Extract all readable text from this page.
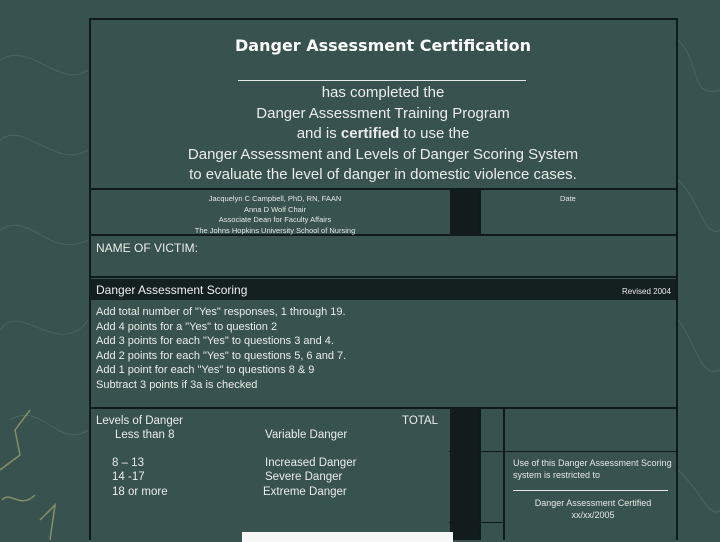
Danger Assessment Certification
has completed the
Danger Assessment Training Program
and is certified to use the
Danger Assessment and Levels of Danger Scoring System
to evaluate the level of danger in domestic violence cases.
Jacquelyn C Campbell, PhD, RN, FAAN
Anna D Wolf Chair
Associate Dean for Faculty Affairs
The Johns Hopkins University School of Nursing
Date
NAME OF VICTIM:
Danger Assessment Scoring	Revised 2004
Add total number of "Yes" responses, 1 through 19.
Add 4 points for a "Yes" to question 2
Add 3 points for each "Yes" to questions 3 and 4.
Add 2 points for each "Yes" to questions 5, 6 and 7.
Add 1 point for each "Yes" to questions 8 & 9
Subtract 3 points if 3a is checked
Levels of Danger
Less than 8	Variable Danger
TOTAL
8 – 13
14 -17
18 or more
Increased Danger
Severe Danger
Extreme Danger
Use of this Danger Assessment Scoring system is restricted to
Danger Assessment Certified
xx/xx/2005
